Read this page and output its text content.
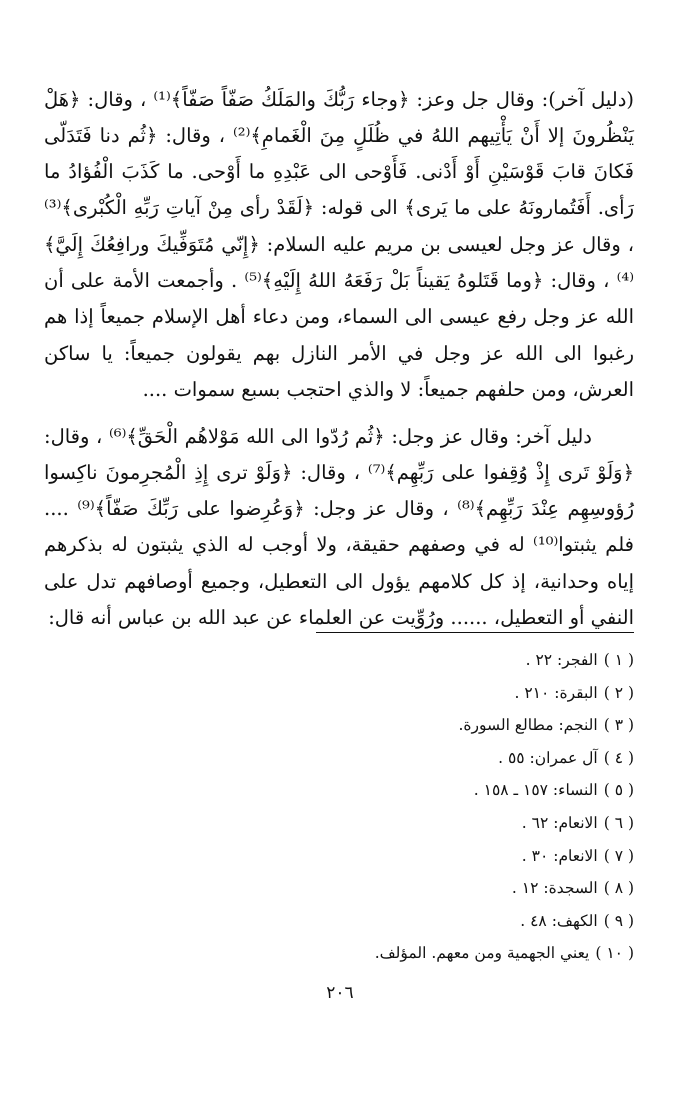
(دليل آخر): وقال جل وعز: ﴿وجاء رَبُّكَ والمَلَكُ صَفّاً صَفّاً﴾⁽¹⁾ ، وقال: ﴿هَلْ يَنْظُرونَ إلا أَنْ يَأْتِيهم اللهُ في ظُلَلٍ مِنَ الْغَمامِ﴾⁽²⁾ ، وقال: ﴿ثُم دنا فَتَدَلّى فَكانَ قابَ قَوْسَيْنِ أَوْ أَدْنى. فَأَوْحى الى عَبْدِهِ ما أَوْحى. ما كَذَبَ الْفُؤادُ ما رَأى. أَفَتُمارونَهُ على ما يَرى﴾ الى قوله: ﴿لَقَدْ رأى مِنْ آياتِ رَبِّهِ الْكُبْرى﴾⁽³⁾ ، وقال عز وجل لعيسى بن مريم عليه السلام: ﴿إِنّي مُتَوَفِّيكَ ورافِعُكَ إِلَيَّ﴾⁽⁴⁾ ، وقال: ﴿وما قَتَلوهُ يَقيناً بَلْ رَفَعَهُ اللهُ إِلَيْهِ﴾⁽⁵⁾ . وأجمعت الأمة على أن الله عز وجل رفع عيسى الى السماء، ومن دعاء أهل الإسلام جميعاً إذا هم رغبوا الى الله عز وجل في الأمر النازل بهم يقولون جميعاً: يا ساكن العرش، ومن حلفهم جميعاً: لا والذي احتجب بسبع سموات ....

دليل آخر: وقال عز وجل: ﴿ثُم رُدّوا الى الله مَوْلاهُم الْحَقِّ﴾⁽⁶⁾ ، وقال: ﴿وَلَوْ تَرى إِذْ وُقِفوا على رَبِّهِم﴾⁽⁷⁾ ، وقال: ﴿وَلَوْ ترى إِذِ الْمُجرِمونَ ناكِسوا رُؤوسِهِم عِنْدَ رَبِّهِم﴾⁽⁸⁾ ، وقال عز وجل: ﴿وَعُرِضوا على رَبِّكَ صَفّاً﴾⁽⁹⁾ .... فلم يثبتوا⁽¹⁰⁾ له في وصفهم حقيقة، ولا أوجب له الذي يثبتون له بذكرهم إياه وحدانية، إذ كل كلامهم يؤول الى التعطيل، وجميع أوصافهم تدل على النفي أو التعطيل، ...... ورُوِّيت عن العلماء عن عبد الله بن عباس أنه قال:

( ١ )الفجر: ٢٢ .
( ٢ )البقرة: ٢١٠ .
( ٣ )النجم: مطالع السورة.
( ٤ )آل عمران: ٥٥ .
( ٥ )النساء: ١٥٧ ـ ١٥٨ .
( ٦ )الانعام: ٦٢ .
( ٧ )الانعام: ٣٠ .
( ٨ )السجدة: ١٢ .
( ٩ )الكهف: ٤٨ .
( ١٠ )يعني الجهمية ومن معهم. المؤلف.
٢٠٦
